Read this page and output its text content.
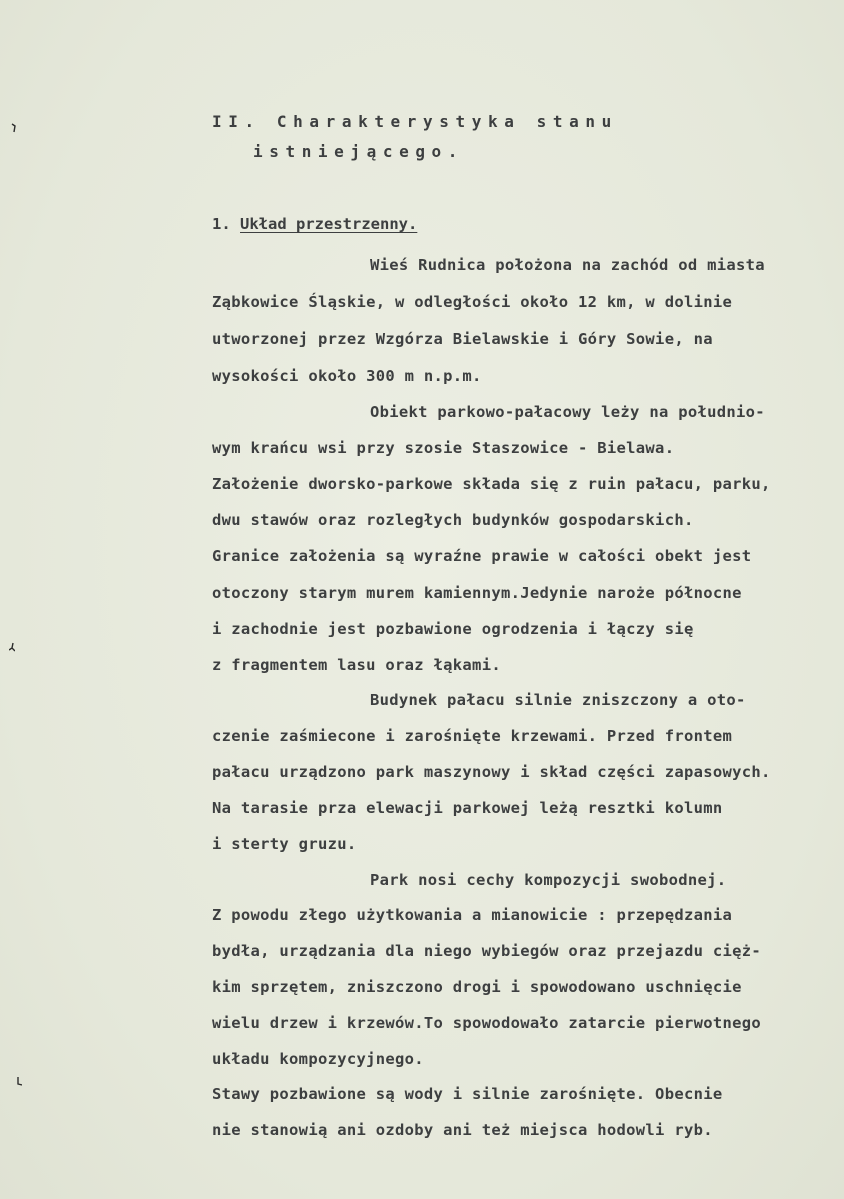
II. Charakterystyka stanu
istniejącego.
1. Układ przestrzenny.
Wieś Rudnica położona na zachód od miasta
Ząbkowice Śląskie, w odległości około 12 km, w dolinie
utworzonej przez Wzgórza Bielawskie i Góry Sowie, na
wysokości około 300 m n.p.m.
Obiekt parkowo-pałacowy leży na południo-
wym krańcu wsi przy szosie Staszowice - Bielawa.
Założenie dworsko-parkowe składa się z ruin pałacu, parku,
dwu stawów oraz rozległych budynków gospodarskich.
Granice założenia są wyraźne prawie w całości obekt jest
otoczony starym murem kamiennym.Jedynie naroże północne
i zachodnie jest pozbawione ogrodzenia i łączy się
z fragmentem lasu oraz łąkami.
Budynek pałacu silnie zniszczony a oto-
czenie zaśmiecone i zarośnięte krzewami. Przed frontem
pałacu urządzono park maszynowy i skład części zapasowych.
Na tarasie prza elewacji parkowej leżą resztki kolumn
i sterty gruzu.
Park nosi cechy kompozycji swobodnej.
Z powodu złego użytkowania a mianowicie : przepędzania
bydła, urządzania dla niego wybiegów oraz przejazdu cięż-
kim sprzętem, zniszczono drogi i spowodowano uschnięcie
wielu drzew i krzewów.To spowodowało zatarcie pierwotnego
układu kompozycyjnego.
Stawy pozbawione są wody i silnie zarośnięte. Obecnie
nie stanowią ani ozdoby ani też miejsca hodowli ryb.
